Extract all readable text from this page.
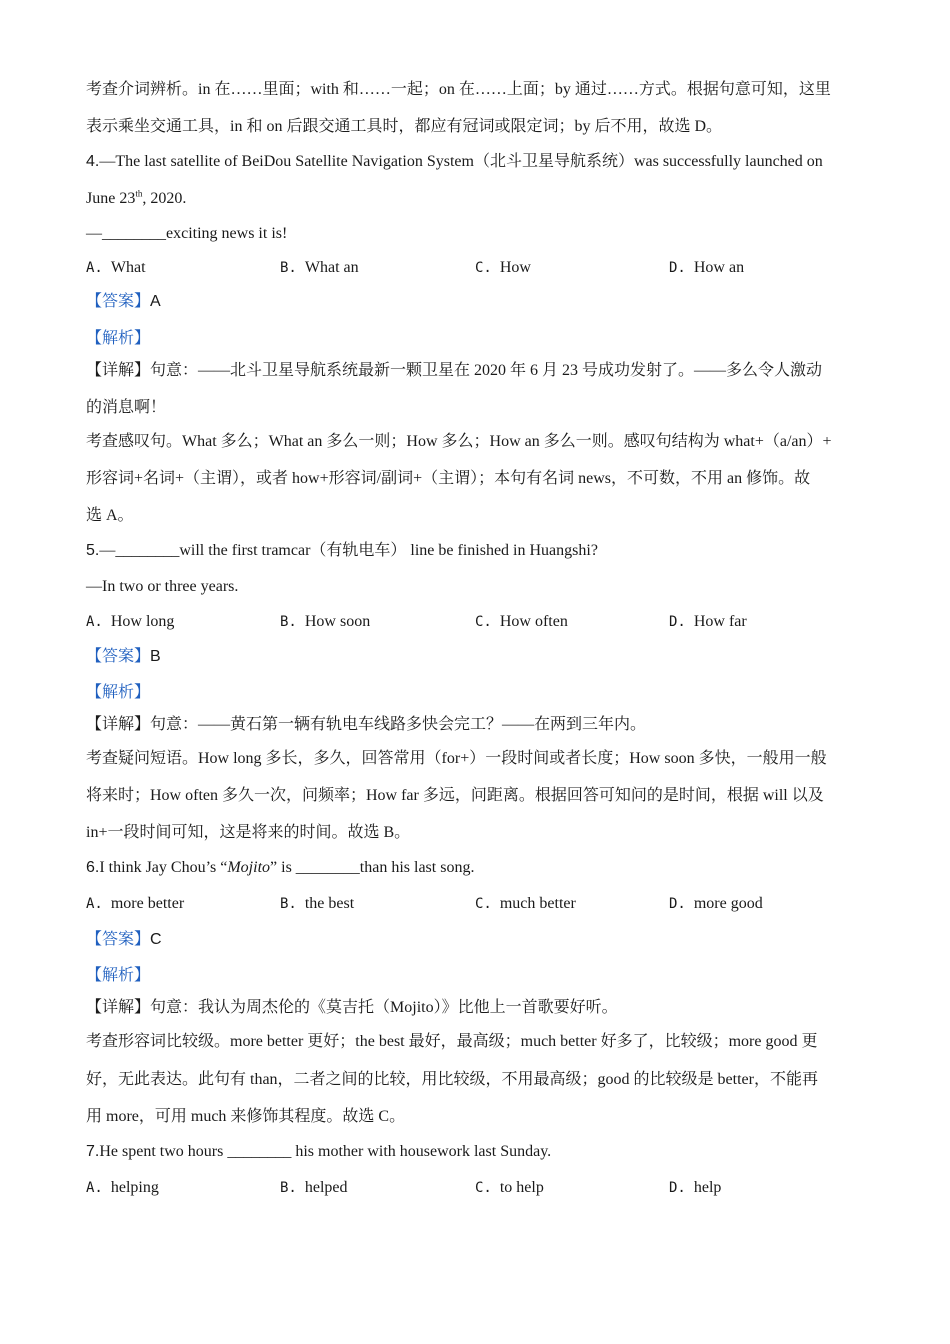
考查介词辨析。in 在……里面；with 和……一起；on 在……上面；by 通过……方式。根据句意可知，这里
表示乘坐交通工具，in 和 on 后跟交通工具时，都应有冠词或限定词；by 后不用，故选 D。
4.—The last satellite of BeiDou Satellite Navigation System（北斗卫星导航系统）was successfully launched on
June 23th, 2020.
—________exciting news it is!
A. What	B. What an	C. How	D. How an
【答案】A
【解析】
【详解】句意：——北斗卫星导航系统最新一颗卫星在 2020 年 6 月 23 号成功发射了。——多么令人激动
的消息啊！
考查感叹句。What 多么；What an 多么一则；How 多么；How an 多么一则。感叹句结构为 what+（a/an）+
形容词+名词+（主谓），或者 how+形容词/副词+（主谓）；本句有名词 news，不可数，不用 an 修饰。故
选 A。
5.—________will the first tramcar（有轨电车） line be finished in Huangshi?
—In two or three years.
A. How long	B. How soon	C. How often	D. How far
【答案】B
【解析】
【详解】句意：——黄石第一辆有轨电车线路多快会完工？——在两到三年内。
考查疑问短语。How long 多长，多久，回答常用（for+）一段时间或者长度；How soon 多快，一般用一般
将来时；How often 多久一次，问频率；How far 多远，问距离。根据回答可知问的是时间，根据 will 以及
in+一段时间可知，这是将来的时间。故选 B。
6.I think Jay Chou’s “Mojito” is ________than his last song.
A. more better	B. the best	C. much better	D. more good
【答案】C
【解析】
【详解】句意：我认为周杰伦的《莫吉托（Mojito）》比他上一首歌要好听。
考查形容词比较级。more better 更好；the best 最好，最高级；much better 好多了，比较级；more good 更
好，无此表达。此句有 than，二者之间的比较，用比较级，不用最高级；good 的比较级是 better，不能再
用 more，可用 much 来修饰其程度。故选 C。
7.He spent two hours ________ his mother with housework last Sunday.
A. helping	B. helped	C. to help	D. help
